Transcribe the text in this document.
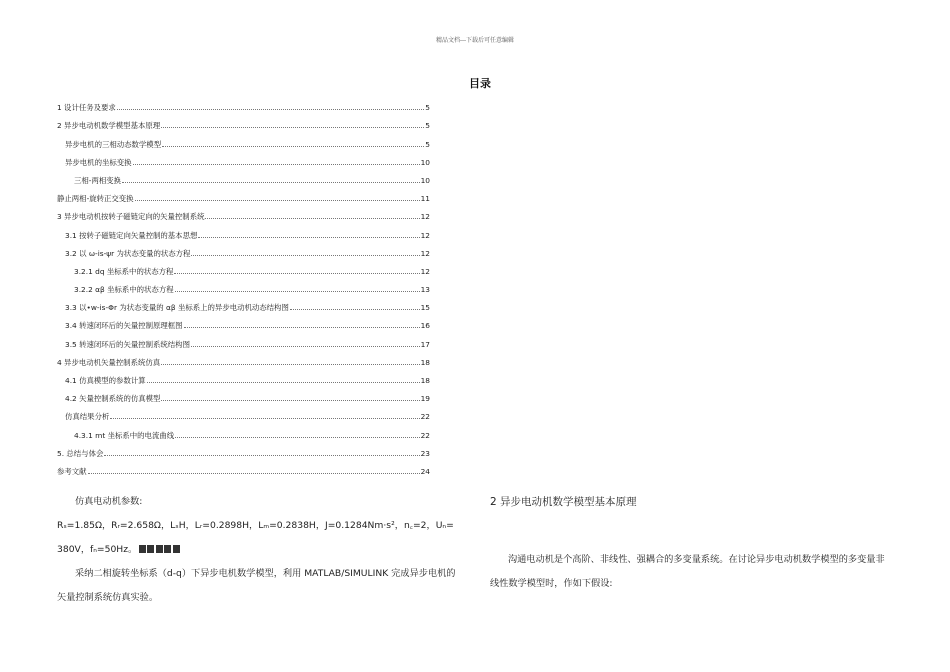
精品文档---下载后可任意编辑
目录
1 设计任务及要求	5
2 异步电动机数学模型基本原理	5
异步电机的三相动态数学模型	5
异步电机的坐标变换	10
三相-两相变换	10
静止两相-旋转正交变换	11
3 异步电动机按转子磁链定向的矢量控制系统	12
3.1 按转子磁链定向矢量控制的基本思想	12
3.2 以 ω-is-ψr 为状态变量的状态方程	12
3.2.1 dq 坐标系中的状态方程	12
3.2.2 αβ 坐标系中的状态方程	13
3.3 以•w-is-Φr 为状态变量的 αβ 坐标系上的异步电动机动态结构图	15
3.4 转速闭环后的矢量控制原理框图	16
3.5 转速闭环后的矢量控制系统结构图	17
4 异步电动机矢量控制系统仿真	18
4.1 仿真模型的参数计算	18
4.2 矢量控制系统的仿真模型	19
仿真结果分析	22
4.3.1 mt 坐标系中的电流曲线	22
5. 总结与体会	23
参考文献	24
仿真电动机参数:
Rₛ=1.85Ω，Rᵣ=2.658Ω，LₛH，Lᵣ=0.2898H，Lₘ=0.2838H，J=0.1284Nm·s²，n꜀=2，Uₙ=
380V，fₙ=50Hz。
采纳二相旋转坐标系（d-q）下异步电机数学模型，利用 MATLAB/SIMULINK 完成异步电机的
矢量控制系统仿真实验。
2 异步电动机数学模型基本原理
沟通电动机是个高阶、非线性、强耦合的多变量系统。在讨论异步电动机数学模型的多变量非
线性数学模型时，作如下假设:
